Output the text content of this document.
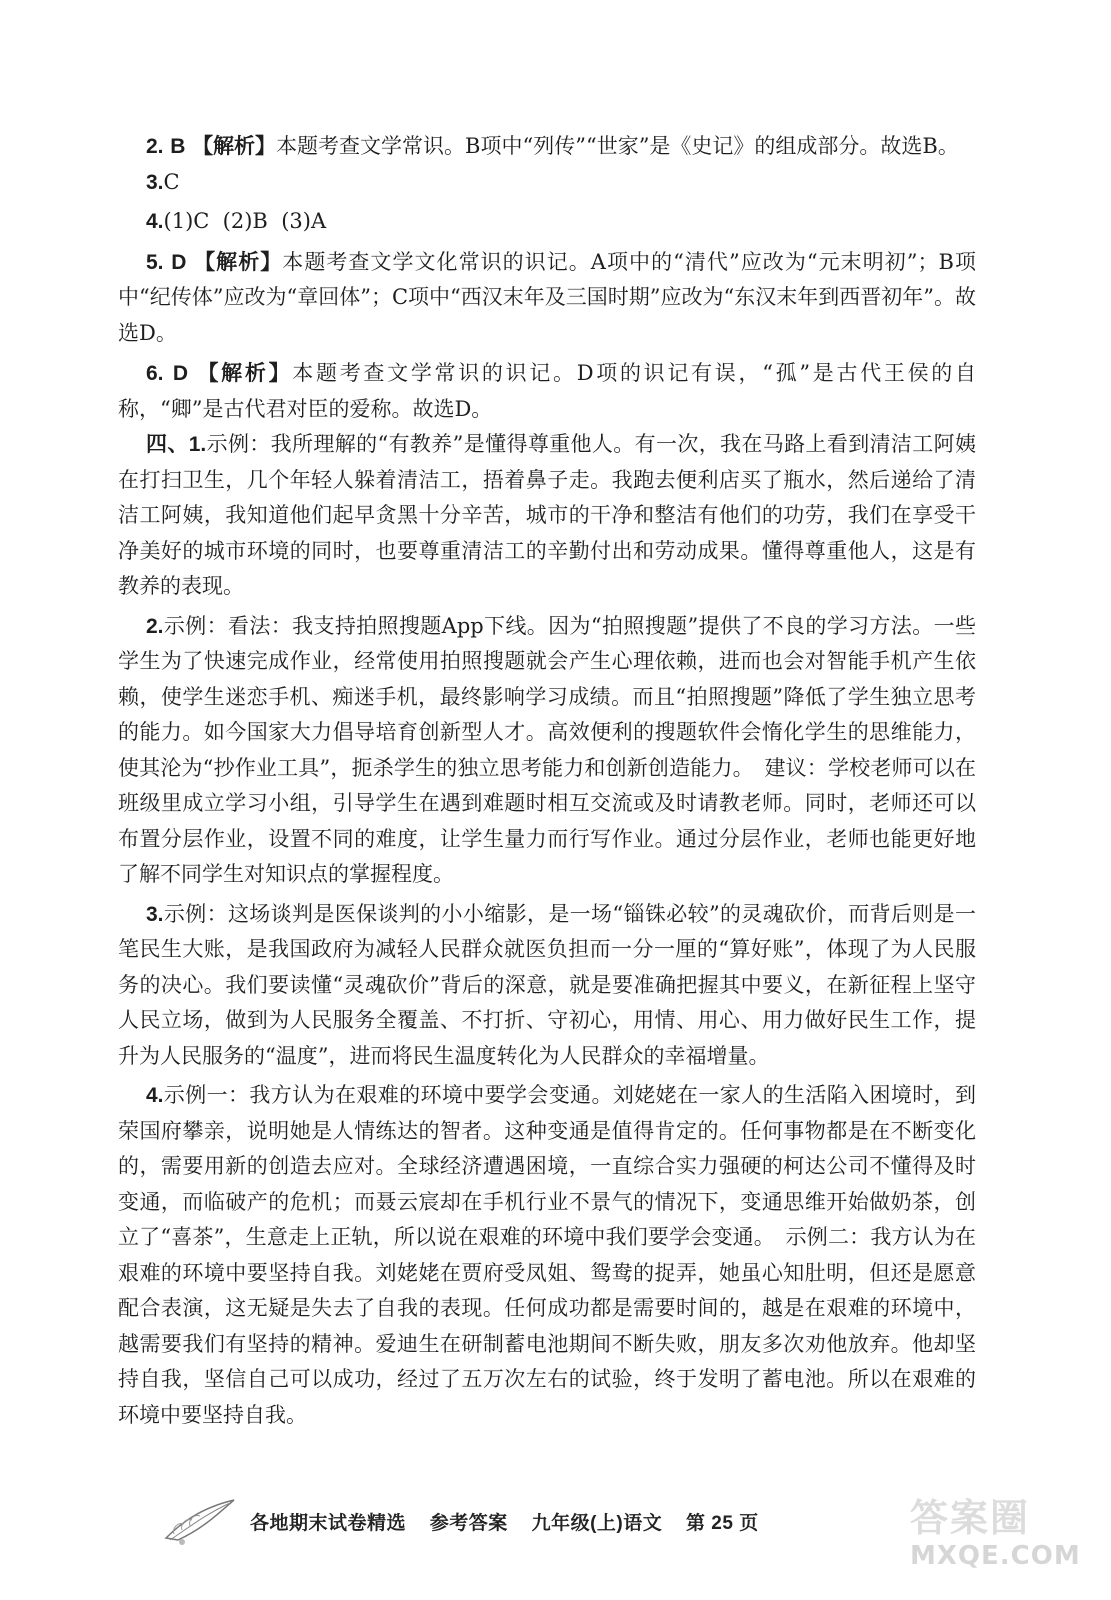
2. B 【解析】本题考查文学常识。B项中“列传”“世家”是《史记》的组成部分。故选B。

3.C

4.(1)C  (2)B  (3)A

5. D 【解析】本题考查文学文化常识的识记。A项中的“清代”应改为“元末明初”；B项中“纪传体”应改为“章回体”；C项中“西汉末年及三国时期”应改为“东汉末年到西晋初年”。故选D。

6. D 【解析】本题考查文学常识的识记。D项的识记有误，“孤”是古代王侯的自称，“卿”是古代君对臣的爱称。故选D。

四、1.示例：我所理解的“有教养”是懂得尊重他人。有一次，我在马路上看到清洁工阿姨在打扫卫生，几个年轻人躲着清洁工，捂着鼻子走。我跑去便利店买了瓶水，然后递给了清洁工阿姨，我知道他们起早贪黑十分辛苦，城市的干净和整洁有他们的功劳，我们在享受干净美好的城市环境的同时，也要尊重清洁工的辛勤付出和劳动成果。懂得尊重他人，这是有教养的表现。

2.示例：看法：我支持拍照搜题App下线。因为“拍照搜题”提供了不良的学习方法。一些学生为了快速完成作业，经常使用拍照搜题就会产生心理依赖，进而也会对智能手机产生依赖，使学生迷恋手机、痴迷手机，最终影响学习成绩。而且“拍照搜题”降低了学生独立思考的能力。如今国家大力倡导培育创新型人才。高效便利的搜题软件会惰化学生的思维能力，使其沦为“抄作业工具”，扼杀学生的独立思考能力和创新创造能力。　建议：学校老师可以在班级里成立学习小组，引导学生在遇到难题时相互交流或及时请教老师。同时，老师还可以布置分层作业，设置不同的难度，让学生量力而行写作业。通过分层作业，老师也能更好地了解不同学生对知识点的掌握程度。

3.示例：这场谈判是医保谈判的小小缩影，是一场“锱铢必较”的灵魂砍价，而背后则是一笔民生大账，是我国政府为减轻人民群众就医负担而一分一厘的“算好账”，体现了为人民服务的决心。我们要读懂“灵魂砍价”背后的深意，就是要准确把握其中要义，在新征程上坚守人民立场，做到为人民服务全覆盖、不打折、守初心，用情、用心、用力做好民生工作，提升为人民服务的“温度”，进而将民生温度转化为人民群众的幸福增量。

4.示例一：我方认为在艰难的环境中要学会变通。刘姥姥在一家人的生活陷入困境时，到荣国府攀亲，说明她是人情练达的智者。这种变通是值得肯定的。任何事物都是在不断变化的，需要用新的创造去应对。全球经济遭遇困境，一直综合实力强硬的柯达公司不懂得及时变通，而临破产的危机；而聂云宸却在手机行业不景气的情况下，变通思维开始做奶茶，创立了“喜茶”，生意走上正轨，所以说在艰难的环境中我们要学会变通。　示例二：我方认为在艰难的环境中要坚持自我。刘姥姥在贾府受凤姐、鸳鸯的捉弄，她虽心知肚明，但还是愿意配合表演，这无疑是失去了自我的表现。任何成功都是需要时间的，越是在艰难的环境中，越需要我们有坚持的精神。爱迪生在研制蓄电池期间不断失败，朋友多次劝他放弃。他却坚持自我，坚信自己可以成功，经过了五万次左右的试验，终于发明了蓄电池。所以在艰难的环境中要坚持自我。

各地期末试卷精选 参考答案 九年级(上)语文 第 25 页	答案圈
MXQE.COM
